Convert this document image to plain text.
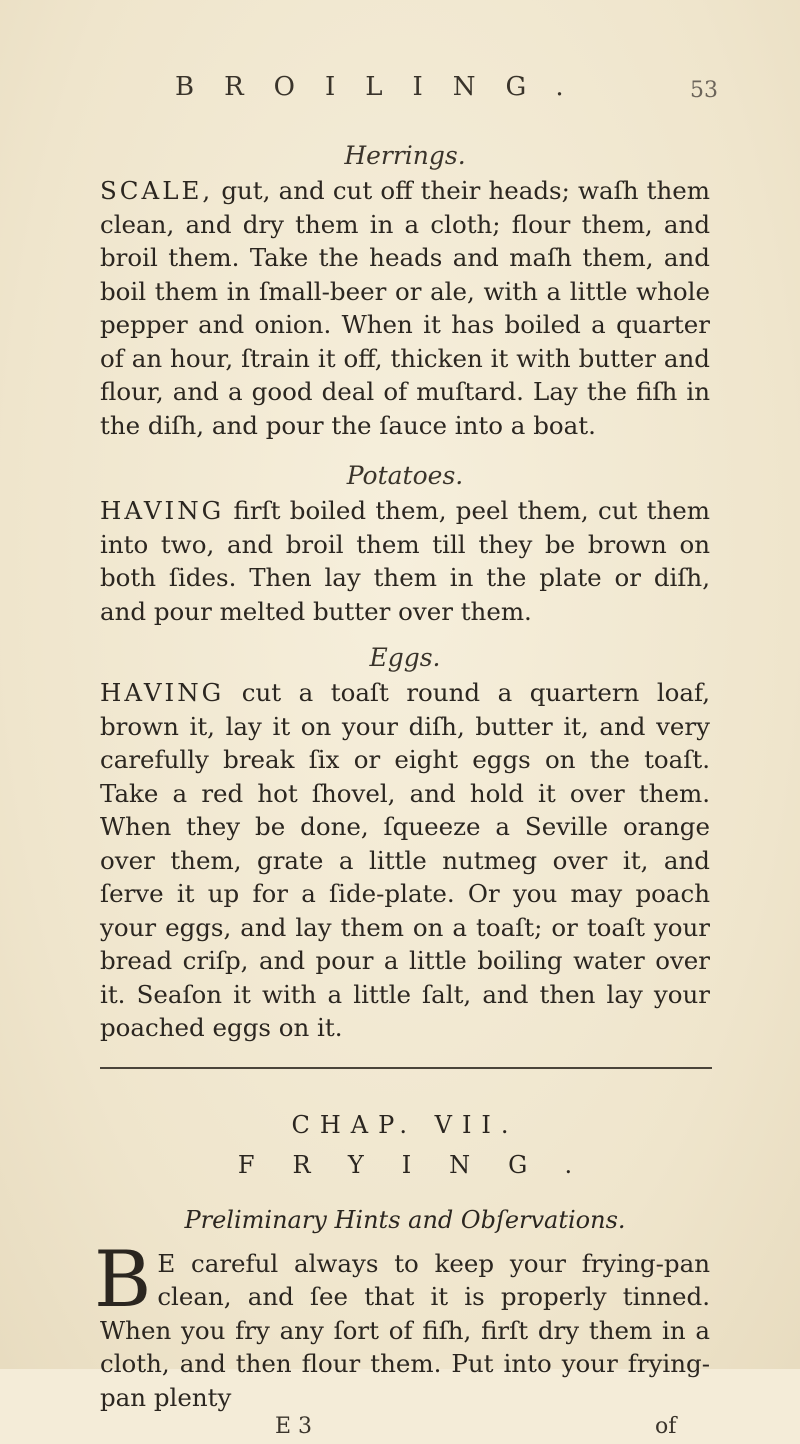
BROILING.	53

Herrings.

SCALE, gut, and cut off their heads; waſh them clean, and dry them in a cloth; flour them, and broil them. Take the heads and maſh them, and boil them in ſmall-beer or ale, with a little whole pepper and onion. When it has boiled a quarter of an hour, ſtrain it off, thicken it with butter and flour, and a good deal of muſtard. Lay the fiſh in the diſh, and pour the ſauce into a boat.

Potatoes.

HAVING firſt boiled them, peel them, cut them into two, and broil them till they be brown on both ſides. Then lay them in the plate or diſh, and pour melted butter over them.

Eggs.

HAVING cut a toaſt round a quartern loaf, brown it, lay it on your diſh, butter it, and very carefully break ſix or eight eggs on the toaſt. Take a red hot ſhovel, and hold it over them. When they be done, ſqueeze a Seville orange over them, grate a little nutmeg over it, and ſerve it up for a ſide-plate. Or you may poach your eggs, and lay them on a toaſt; or toaſt your bread criſp, and pour a little boiling water over it. Seaſon it with a little ſalt, and then lay your poached eggs on it.

CHAP. VII.

FRYING.

Preliminary Hints and Obſervations.

B E careful always to keep your frying-pan clean, and ſee that it is properly tinned. When you fry any ſort of fiſh, firſt dry them in a cloth, and then flour them. Put into your frying-pan plenty

E 3	of
